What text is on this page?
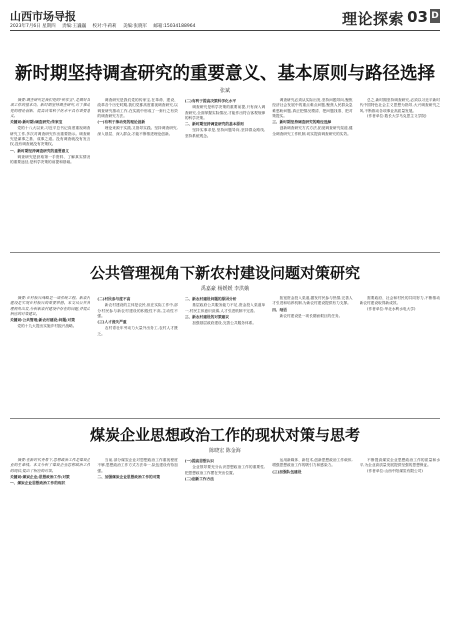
山西市场导报
2023年7月6日 星期四 责编:王巍巍 校对:牛莉莉 美编:张晓军 邮箱:15034188964	理论探索 03 D
新时期坚持调查研究的重要意义、基本原则与路径选择
张斌

摘要:调查研究是我们党的"传家宝",是做好各项工作的基本功。新时期坚持调查研究,对于推动党的理论创新、提高决策科学化水平具有重要意义。

关键词:新时期;调查研究;传家宝

党的十八大以来,习近平总书记高度重视调查研究工作,多次对调查研究作出重要指示。调查研究是谋事之基、成事之道。没有调查就没有发言权,没有调查就没有决策权。

一、新时期坚持调查研究的重要意义

调查研究是获取第一手资料、了解真实情况的重要途径,是科学决策的前提和基础。

调查研究是我们党的传家宝,在革命、建设、改革各个历史时期,我们党都高度重视调查研究,以调查研究推动工作,在实践中形成了一套行之有效的调查研究方法。

(一)有利于推动党的理论创新

理论来源于实践,又指导实践。坚持调查研究,深入基层、深入群众,才能不断推进理论创新。

(二)有利于提高决策科学化水平

调查研究是科学决策的重要前提,只有深入调查研究,全面掌握实际情况,才能作出符合客观规律的科学决策。

二、新时期坚持调查研究的基本原则

坚持实事求是,坚持问题导向,坚持群众路线,坚持系统观念。

调查研究必须从实际出发,坚持问题导向,聚焦经济社会发展中的重点难点问题,聚焦人民群众急难愁盼问题,真正把情况摸清、把问题找准、把对策提实。

三、新时期坚持调查研究的路径选择

创新调查研究方式方法,拓宽调查研究渠道,健全调查研究工作机制,切实提高调查研究的实效。

总之,新时期坚持调查研究,必须以习近平新时代中国特色社会主义思想为指导,大兴调查研究之风,不断推动各项事业高质量发展。

(作者单位:数长大学马克思主义学院)

公共管理视角下新农村建设问题对策研究
禹嘉豪 杨媛媛 李洪娥

摘要:乡村振兴战略是一项系统工程。新农村建设是实现乡村振兴的重要举措。本文从公共管理视角出发,分析新农村建设中存在的问题,并提出相应的对策建议。

关键词:公共管理;新农村建设;问题;对策

党的十九大提出实施乡村振兴战略。

(二)村民参与度不高

新农村建设的主体是农民,但在实际工作中,部分村民参与新农村建设的积极性不高,主动性不强。

(三)人才流失严重

农村青壮年劳动力大量外出务工,农村人才匮乏。

二、新农村建设问题的原因分析

基层政府公共服务能力不足,资金投入渠道单一,村民主体意识淡薄,人才引进机制不完善。

三、新农村建设的对策建议

加强基层政府建设,完善公共服务体系。

拓宽资金投入渠道,激发村民参与热情,完善人才引进和培养机制,为新农村建设提供有力支撑。

四、结语

新农村建设是一项长期而艰巨的任务。

需要政府、社会和村民的共同努力,不断推动新农村建设取得新成效。

(作者单位:华北水利水电大学)

煤炭企业思想政治工作的现状对策与思考
陈晓宏 陈金海

摘要:在新时代背景下,思想政治工作是煤炭企业的生命线。本文分析了煤炭企业思想政治工作的现状,提出了相应的对策。

关键词:煤炭企业;思想政治工作;对策

一、煤炭企业思想政治工作的现状

当前,部分煤炭企业对思想政治工作重视程度不够,思想政治工作方式方法单一,队伍建设有待加强。

二、加强煤炭企业思想政治工作的对策

(一)提高思想认识

企业领导要充分认识思想政治工作的重要性,把思想政治工作摆在突出位置。

(二)创新工作方法

运用新媒体、新技术,创新思想政治工作载体,增强思想政治工作的吸引力和感染力。

(三)加强队伍建设

不断提高煤炭企业思想政治工作的质量和水平,为企业高质量发展提供坚强的思想保证。

(作者单位:山西中阳煤炭有限公司)
